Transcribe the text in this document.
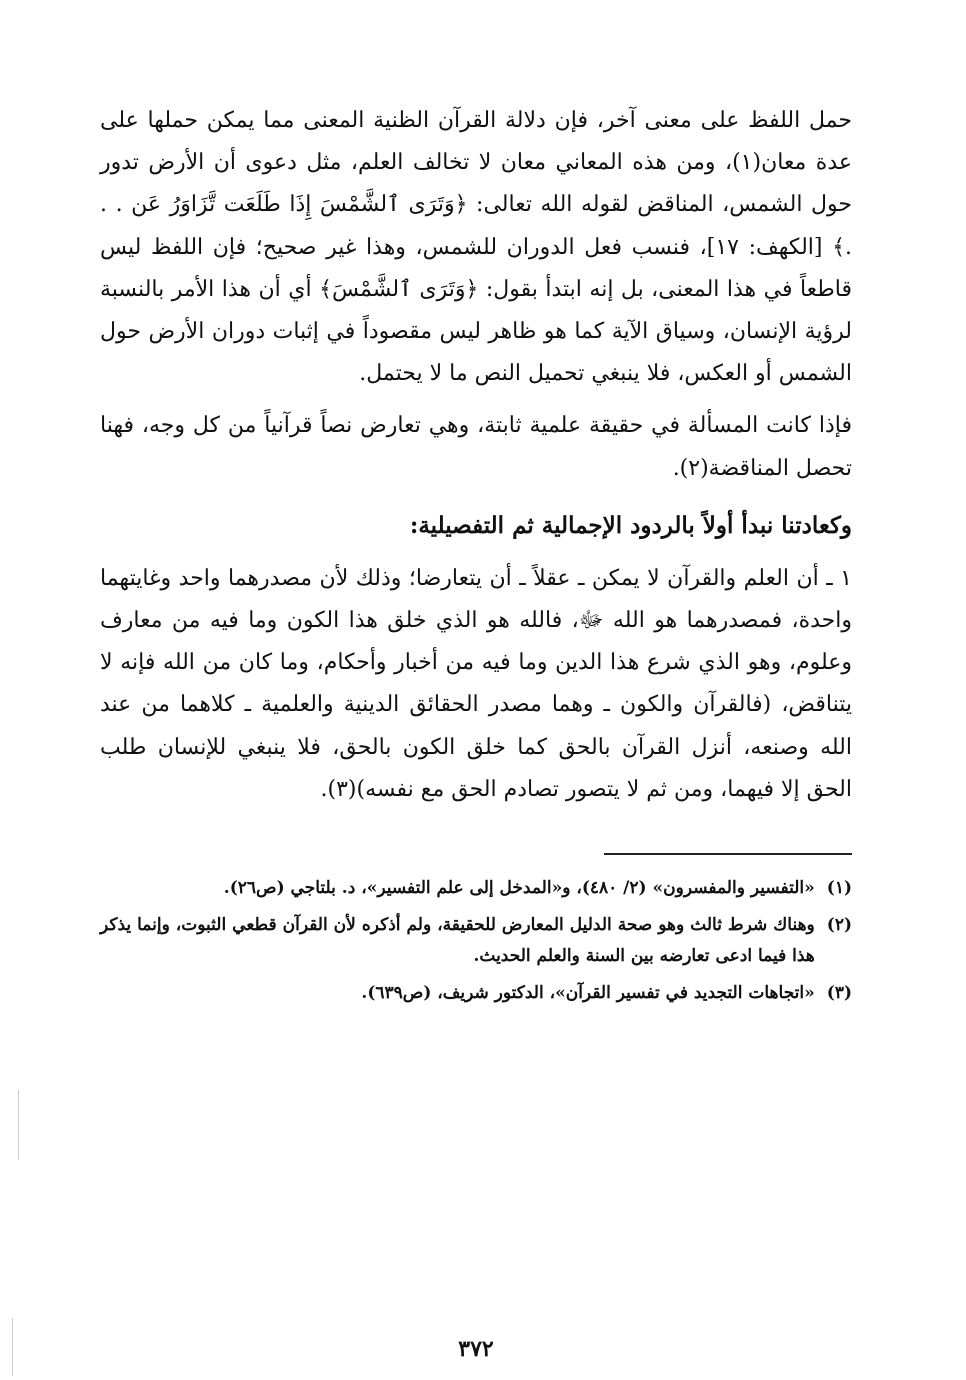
حمل اللفظ على معنى آخر، فإن دلالة القرآن الظنية المعنى مما يمكن حملها على عدة معان(١)، ومن هذه المعاني معان لا تخالف العلم، مثل دعوى أن الأرض تدور حول الشمس، المناقض لقوله الله تعالى: ﴿وَتَرَى ٱلشَّمْسَ إِذَا طَلَعَت تَّزَاوَرُ عَن . . .﴾ [الكهف: ١٧]، فنسب فعل الدوران للشمس، وهذا غير صحيح؛ فإن اللفظ ليس قاطعاً في هذا المعنى، بل إنه ابتدأ بقول: ﴿وَتَرَى ٱلشَّمْسَ﴾ أي أن هذا الأمر بالنسبة لرؤية الإنسان، وسياق الآية كما هو ظاهر ليس مقصوداً في إثبات دوران الأرض حول الشمس أو العكس، فلا ينبغي تحميل النص ما لا يحتمل.

فإذا كانت المسألة في حقيقة علمية ثابتة، وهي تعارض نصاً قرآنياً من كل وجه، فهنا تحصل المناقضة(٢).

وكعادتنا نبدأ أولاً بالردود الإجمالية ثم التفصيلية:

١ ـ أن العلم والقرآن لا يمكن ـ عقلاً ـ أن يتعارضا؛ وذلك لأن مصدرهما واحد وغايتهما واحدة، فمصدرهما هو الله ﷻ، فالله هو الذي خلق هذا الكون وما فيه من معارف وعلوم، وهو الذي شرع هذا الدين وما فيه من أخبار وأحكام، وما كان من الله فإنه لا يتناقض، (فالقرآن والكون ـ وهما مصدر الحقائق الدينية والعلمية ـ كلاهما من عند الله وصنعه، أنزل القرآن بالحق كما خلق الكون بالحق، فلا ينبغي للإنسان طلب الحق إلا فيهما، ومن ثم لا يتصور تصادم الحق مع نفسه)(٣).

(١)
«التفسير والمفسرون» (٢/ ٤٨٠)، و«المدخل إلى علم التفسير»، د. بلتاجي (ص٢٦).
(٢)
وهناك شرط ثالث وهو صحة الدليل المعارض للحقيقة، ولم أذكره لأن القرآن قطعي الثبوت، وإنما يذكر هذا فيما ادعى تعارضه بين السنة والعلم الحديث.
(٣)
«اتجاهات التجديد في تفسير القرآن»، الدكتور شريف، (ص٦٣٩).
٣٧٢
